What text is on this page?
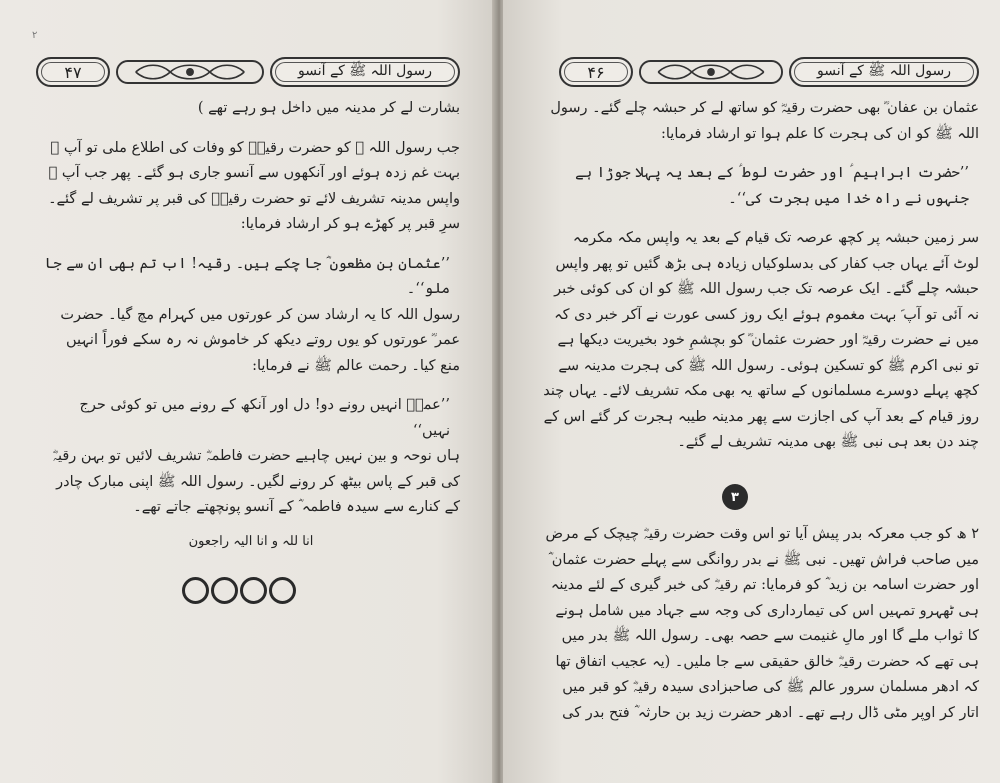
۲
۴۷	رسول اللہ ﷺ کے آنسو

بشارت لے کر مدینہ میں داخل ہو رہے تھے )

جب رسول اللہ ﷺ کو حضرت رقیہؓ کو وفات کی اطلاع ملی تو آپ ﷺ بہت غم زدہ ہوئے اور آنکھوں سے آنسو جاری ہو گئے۔ پھر جب آپ ؐ واپس مدینہ تشریف لائے تو حضرت رقیہؓ کی قبر پر تشریف لے گئے۔ سرِ قبر پر کھڑے ہو کر ارشاد فرمایا:

’’عثمان بن مظعون ؓ جا چکے ہیں۔ رقیہ! اب تم بھی ان سے جا ملو‘‘۔

رسول اللہ کا یہ ارشاد سن کر عورتوں میں کہرام مچ گیا۔ حضرت عمر ؓ عورتوں کو یوں روتے دیکھ کر خاموش نہ رہ سکے فوراً انہیں منع کیا۔ رحمت عالم ﷺ نے فرمایا:

’’عمرؓ انہیں رونے دو! دل اور آنکھ کے رونے میں تو کوئی حرج نہیں‘‘

ہاں نوحہ و بین نہیں چاہیے حضرت فاطمہؓ تشریف لائیں تو بہن رقیہؓ کی قبر کے پاس بیٹھ کر رونے لگیں۔ رسول اللہ ﷺ اپنی مبارک چادر کے کنارے سے سیدہ فاطمہ ؓ کے آنسو پونچھتے جاتے تھے۔

انا للہ و انا الیہ راجعون

۴۶	رسول اللہ ﷺ کے آنسو

عثمان بن عفان ؓ بھی حضرت رقیہؓ کو ساتھ لے کر حبشہ چلے گئے۔ رسول اللہ ﷺ کو ان کی ہجرت کا علم ہوا تو ارشاد فرمایا:

’’حضرت ابراہیم ؑ اور حضرت لوط ؑ کے بعد یہ پہلا جوڑا ہے جنہوں نے راہ خدا میں ہجرت کی‘‘۔

سر زمین حبشہ پر کچھ عرصہ تک قیام کے بعد یہ واپس مکہ مکرمہ لوٹ آئے یہاں جب کفار کی بدسلوکیاں زیادہ ہی بڑھ گئیں تو پھر واپس حبشہ چلے گئے۔ ایک عرصہ تک جب رسول اللہ ﷺ کو ان کی کوئی خبر نہ آئی تو آپ ؐ بہت مغموم ہوئے ایک روز کسی عورت نے آکر خبر دی کہ میں نے حضرت رقیہؓ اور حضرت عثمان ؓ کو بچشمِ خود بخیریت دیکھا ہے تو نبی اکرم ﷺ کو تسکین ہوئی۔ رسول اللہ ﷺ کی ہجرت مدینہ سے کچھ پہلے دوسرے مسلمانوں کے ساتھ یہ بھی مکہ تشریف لائے۔ یہاں چند روز قیام کے بعد آپ کی اجازت سے پھر مدینہ طیبہ ہجرت کر گئے اس کے چند دن بعد ہی نبی ﷺ بھی مدینہ تشریف لے گئے۔

۳

۲ ھ کو جب معرکہ بدر پیش آیا تو اس وقت حضرت رقیہؓ چیچک کے مرض میں صاحب فراش تھیں۔ نبی ﷺ نے بدر روانگی سے پہلے حضرت عثمان ؓ اور حضرت اسامہ بن زید ؓ کو فرمایا: تم رقیہؓ کی خبر گیری کے لئے مدینہ ہی ٹھہرو تمہیں اس کی تیمارداری کی وجہ سے جہاد میں شامل ہونے کا ثواب ملے گا اور مالِ غنیمت سے حصہ بھی۔ رسول اللہ ﷺ بدر میں ہی تھے کہ حضرت رقیہؓ خالق حقیقی سے جا ملیں۔ (یہ عجیب اتفاق تھا کہ ادھر مسلمان سرور عالم ﷺ کی صاحبزادی سیدہ رقیہؓ کو قبر میں اتار کر اوپر مٹی ڈال رہے تھے۔ ادھر حضرت زید بن حارثہ ؓ فتح بدر کی
